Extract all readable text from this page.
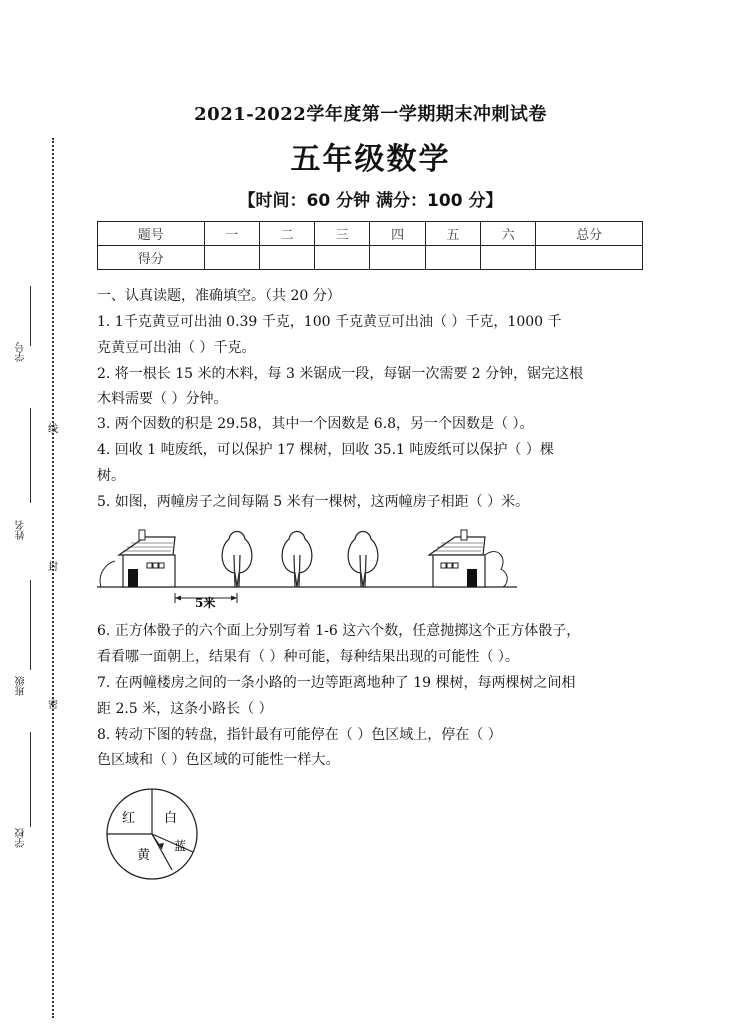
学号
姓名
班级
学校
线
封
密
2021-2022学年度第一学期期末冲刺试卷
五年级数学
【时间：60 分钟 满分：100 分】
题号	一	二	三	四	五	六	总分
得分							
一、认真读题，准确填空。（共 20 分）
1. 1千克黄豆可出油 0.39 千克，100 千克黄豆可出油（ ）千克，1000 千
克黄豆可出油（ ）千克。
2. 将一根长 15 米的木料，每 3 米锯成一段，每锯一次需要 2 分钟，锯完这根
木料需要（ ）分钟。
3. 两个因数的积是 29.58，其中一个因数是 6.8，另一个因数是（ ）。
4. 回收 1 吨废纸，可以保护 17 棵树，回收 35.1 吨废纸可以保护（ ）棵
树。
5. 如图，两幢房子之间每隔 5 米有一棵树，这两幢房子相距（ ）米。
5米
6. 正方体骰子的六个面上分别写着 1-6 这六个数，任意抛掷这个正方体骰子，
看看哪一面朝上，结果有（ ）种可能，每种结果出现的可能性（ ）。
7. 在两幢楼房之间的一条小路的一边等距离地种了 19 棵树，每两棵树之间相
距 2.5 米，这条小路长（ ）
8. 转动下图的转盘，指针最有可能停在（ ）色区域上，停在（ ）
色区域和（ ）色区域的可能性一样大。
红 白
黄
蓝
